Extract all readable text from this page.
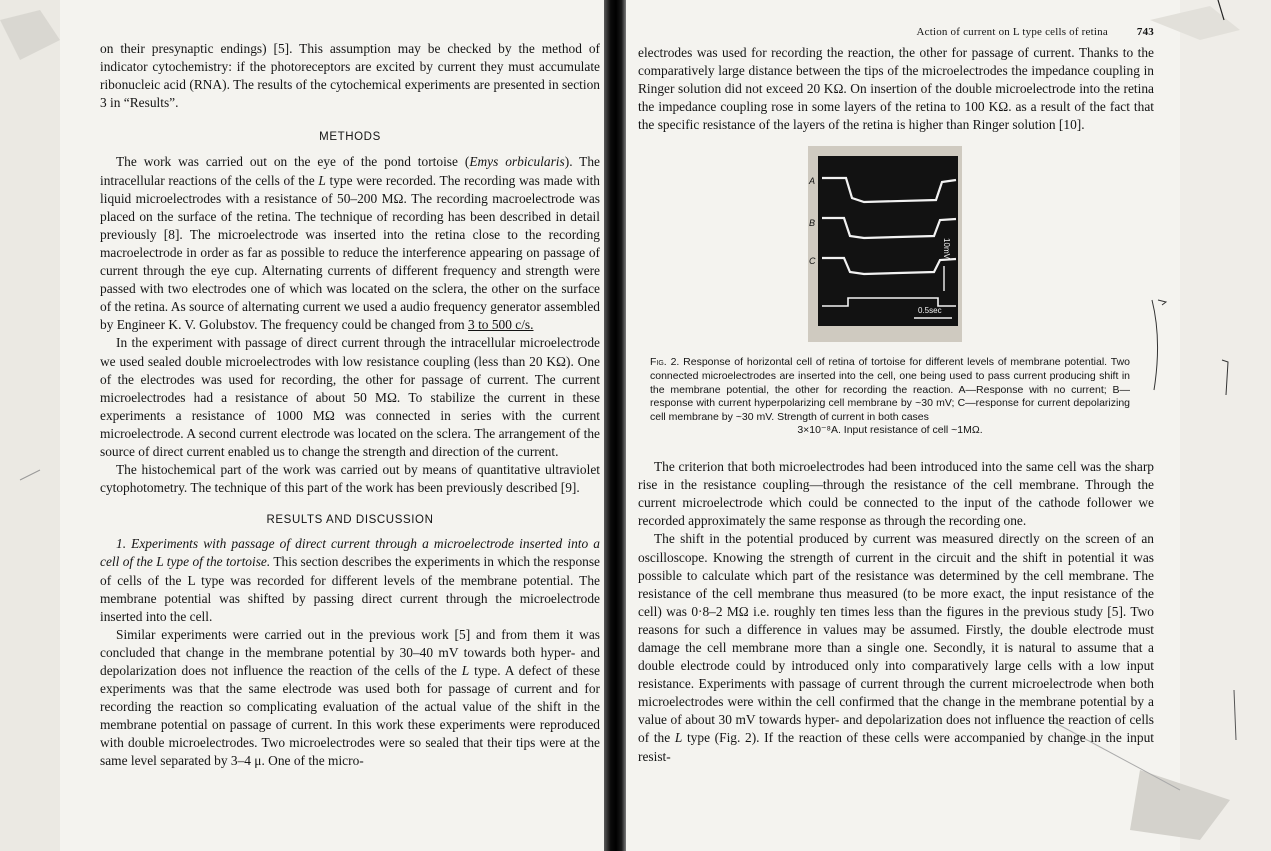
on their presynaptic endings) [5]. This assumption may be checked by the method of indicator cytochemistry: if the photoreceptors are excited by current they must accumulate ribonucleic acid (RNA). The results of the cytochemical experiments are presented in section 3 in “Results”.

METHODS

The work was carried out on the eye of the pond tortoise (Emys orbicularis). The intracellular reactions of the cells of the L type were recorded. The recording was made with liquid microelectrodes with a resistance of 50–200 MΩ. The recording macroelectrode was placed on the surface of the retina. The technique of recording has been described in detail previously [8]. The microelectrode was inserted into the retina close to the recording macroelectrode in order as far as possible to reduce the interference appearing on passage of current through the eye cup. Alternating currents of different frequency and strength were passed with two electrodes one of which was located on the sclera, the other on the surface of the retina. As source of alternating current we used a audio frequency generator assembled by Engineer K. V. Golubstov. The frequency could be changed from 3 to 500 c/s.

In the experiment with passage of direct current through the intracellular microelectrode we used sealed double microelectrodes with low resistance coupling (less than 20 KΩ). One of the electrodes was used for recording, the other for passage of current. The current microelectrodes had a resistance of about 50 MΩ. To stabilize the current in these experiments a resistance of 1000 MΩ was connected in series with the current microelectrode. A second current electrode was located on the sclera. The arrangement of the source of direct current enabled us to change the strength and direction of the current.

The histochemical part of the work was carried out by means of quantitative ultraviolet cytophotometry. The technique of this part of the work has been previously described [9].

RESULTS AND DISCUSSION

1. Experiments with passage of direct current through a microelectrode inserted into a cell of the L type of the tortoise. This section describes the experiments in which the response of cells of the L type was recorded for different levels of the membrane potential. The membrane potential was shifted by passing direct current through the microelectrode inserted into the cell.

Similar experiments were carried out in the previous work [5] and from them it was concluded that change in the membrane potential by 30–40 mV towards both hyper- and depolarization does not influence the reaction of the cells of the L type. A defect of these experiments was that the same electrode was used both for passage of current and for recording the reaction so complicating evaluation of the actual value of the shift in the membrane potential on passage of current. In this work these experiments were reproduced with double microelectrodes. Two microelectrodes were so sealed that their tips were at the same level separated by 3–4 μ. One of the micro-

Action of current on L type cells of retina	743

electrodes was used for recording the reaction, the other for passage of current. Thanks to the comparatively large distance between the tips of the microelectrodes the impedance coupling in Ringer solution did not exceed 20 KΩ. On insertion of the double microelectrode into the retina the impedance coupling rose in some layers of the retina to 100 KΩ. as a result of the fact that the specific resistance of the layers of the retina is higher than Ringer solution [10].

10mV
0.5sec
A
B
C
Fig. 2. Response of horizontal cell of retina of tortoise for different levels of membrane potential. Two connected microelectrodes are inserted into the cell, one being used to pass current producing shift in the membrane potential, the other for recording the reaction. A—Response with no current; B—response with current hyperpolarizing cell membrane by ~30 mV; C—response for current depolarizing cell membrane by ~30 mV. Strength of current in both cases
3×10⁻⁸A. Input resistance of cell ~1MΩ.

The criterion that both microelectrodes had been introduced into the same cell was the sharp rise in the resistance coupling—through the resistance of the cell membrane. Through the current microelectrode which could be connected to the input of the cathode follower we recorded approximately the same response as through the recording one.

The shift in the potential produced by current was measured directly on the screen of an oscilloscope. Knowing the strength of current in the circuit and the shift in potential it was possible to calculate which part of the resistance was determined by the cell membrane. The resistance of the cell membrane thus measured (to be more exact, the input resistance of the cell) was 0·8–2 MΩ i.e. roughly ten times less than the figures in the previous study [5]. Two reasons for such a difference in values may be assumed. Firstly, the double electrode must damage the cell membrane more than a single one. Secondly, it is natural to assume that a double electrode could by introduced only into comparatively large cells with a low input resistance. Experiments with passage of current through the current microelectrode when both microelectrodes were within the cell confirmed that the change in the membrane potential by a value of about 30 mV towards hyper- and depolarization does not influence the reaction of cells of the L type (Fig. 2). If the reaction of these cells were accompanied by change in the input resist-
